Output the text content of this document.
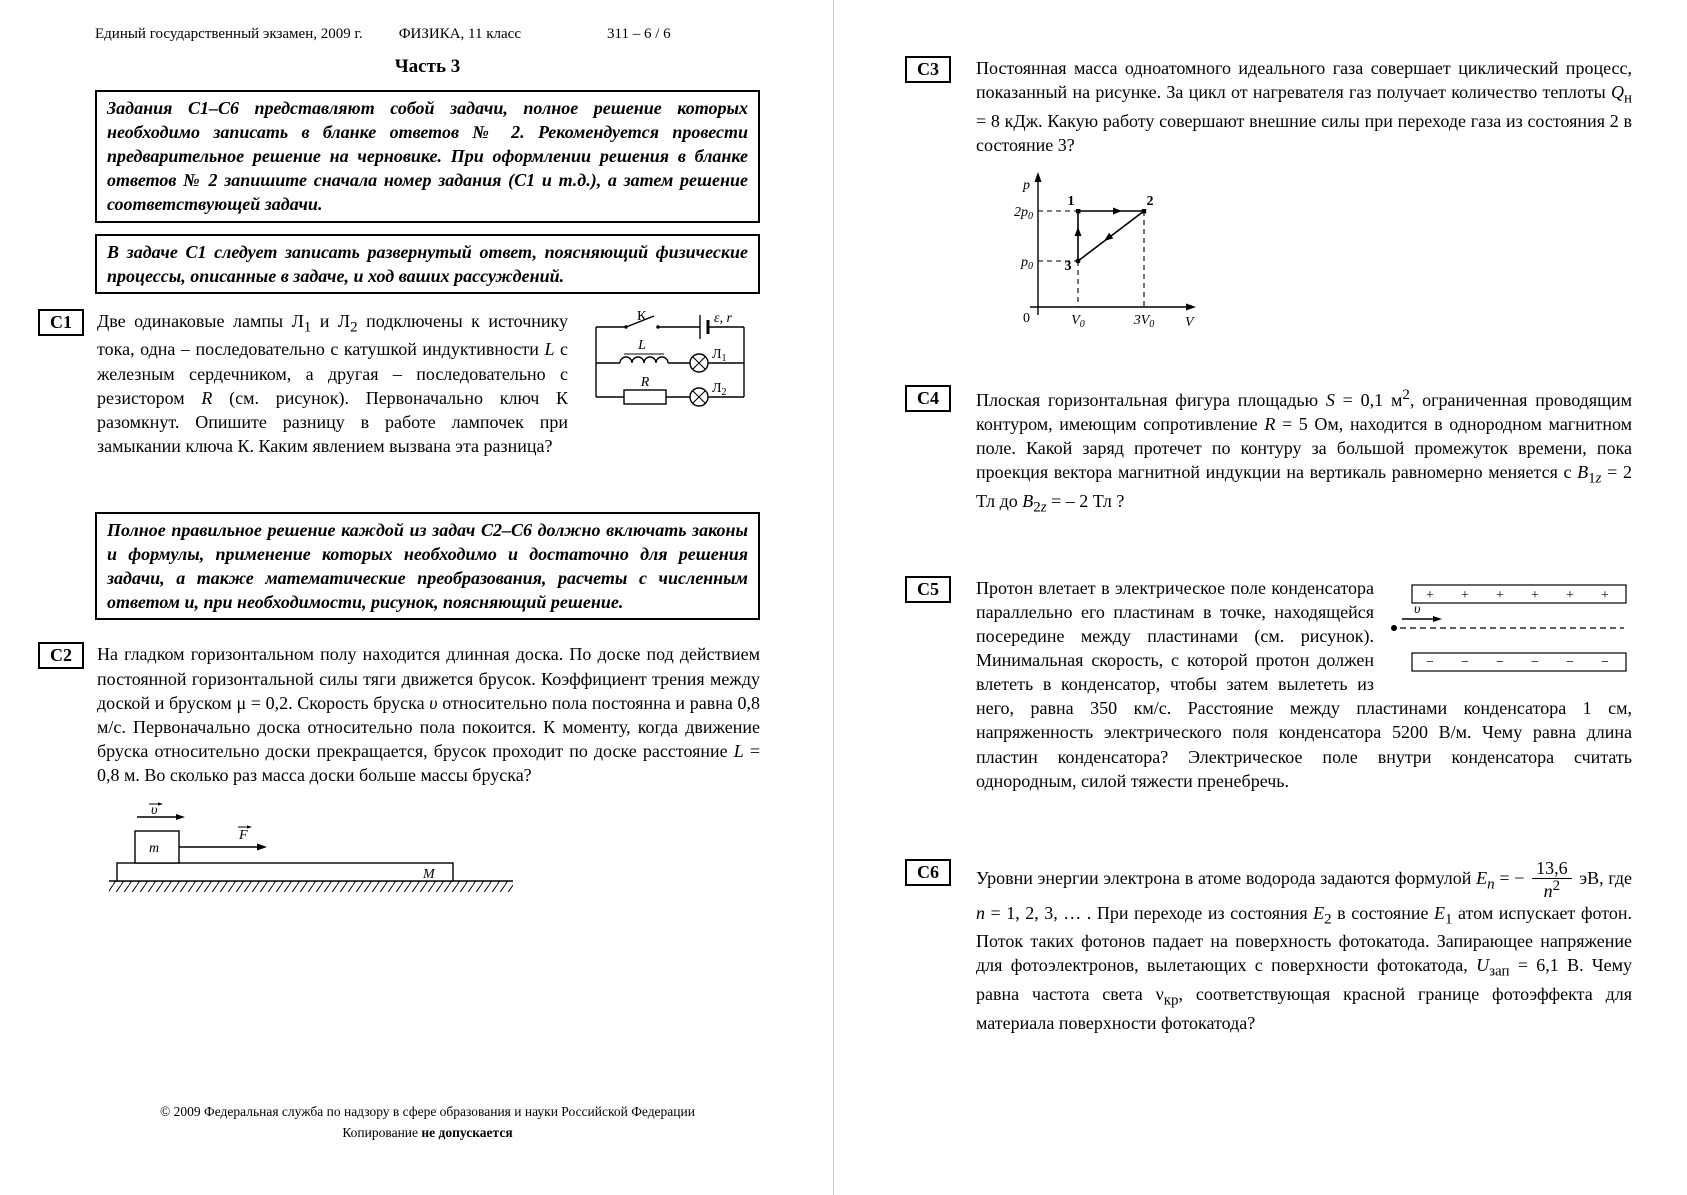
Единый государственный экзамен, 2009 г. ФИЗИКА, 11 класс	311 – 6 / 6
Часть 3
Задания С1–С6 представляют собой задачи, полное решение которых необходимо записать в бланке ответов № 2. Рекомендуется провести предварительное решение на черновике. При оформлении решения в бланке ответов № 2 запишите сначала номер задания (С1 и т.д.), а затем решение соответствующей задачи.
В задаче С1 следует записать развернутый ответ, поясняющий физические процессы, описанные в задаче, и ход ваших рассуждений.
С1	К	ε, r
L
$Л_1$
R	$Л_2$
Две одинаковые лампы $Л_1$ и $Л_2$ подключены к источнику тока, одна – последовательно с катушкой индуктивности L с железным сердечником, а другая – последовательно с резистором R (см. рисунок). Первоначально ключ К разомкнут. Опишите разницу в работе лампочек при замыкании ключа К. Каким явлением вызвана эта разница?
Полное правильное решение каждой из задач С2–С6 должно включать законы и формулы, применение которых необходимо и достаточно для решения задачи, а также математические преобразования, расчеты с численным ответом и, при необходимости, рисунок, поясняющий решение.
С2	На гладком горизонтальном полу находится длинная доска. По доске под действием постоянной горизонтальной силы тяги движется брусок. Коэффициент трения между доской и бруском μ = 0,2. Скорость бруска υ относительно пола постоянна и равна 0,8 м/с. Первоначально доска относительно пола покоится. К моменту, когда движение бруска относительно доски прекращается, брусок проходит по доске расстояние L = 0,8 м. Во сколько раз масса доски больше массы бруска?
υ
F
m
M
С3	Постоянная масса одноатомного идеального газа совершает циклический процесс, показанный на рисунке. За цикл от нагревателя газ получает количество теплоты $Q_н = 8$ кДж. Какую работу совершают внешние силы при переходе газа из состояния 2 в состояние 3?
p
V
0
$2p_0$
$p_0$
$V_0$	$3V_0$
1	2
3
С4	Плоская горизонтальная фигура площадью S = 0,1 $м^2$, ограниченная проводящим контуром, имеющим сопротивление R = 5 Ом, находится в однородном магнитном поле. Какой заряд протечет по контуру за большой промежуток времени, пока проекция вектора магнитной индукции на вертикаль равномерно меняется с $B_{1z} = 2$ Тл до $B_{2z}$ = – 2 Тл ?
С5	+ + + + + +
− − − − − −
υ
Протон влетает в электрическое поле конденсатора параллельно его пластинам в точке, находящейся посередине между пластинами (см. рисунок). Минимальная скорость, с которой протон должен влететь в конденсатор, чтобы затем вылететь из него, равна 350 км/с. Расстояние между пластинами конденсатора 1 см, напряженность электрического поля конденсатора 5200 В/м. Чему равна длина пластин конденсатора? Электрическое поле внутри конденсатора считать однородным, силой тяжести пренебречь.
С6	Уровни энергии электрона в атоме водорода задаются формулой $E_n$ = − $\frac{13,6}{n^2}$ эВ, где n = 1, 2, 3, … . При переходе из состояния $E_2$ в состояние $E_1$ атом испускает фотон. Поток таких фотонов падает на поверхность фотокатода. Запирающее напряжение для фотоэлектронов, вылетающих с поверхности фотокатода, $U_{зап} = 6,1$ В. Чему равна частота света $\nu_{кр}$, соответствующая красной границе фотоэффекта для материала поверхности фотокатода?
© 2009 Федеральная служба по надзору в сфере образования и науки Российской Федерации
Копирование не допускается
